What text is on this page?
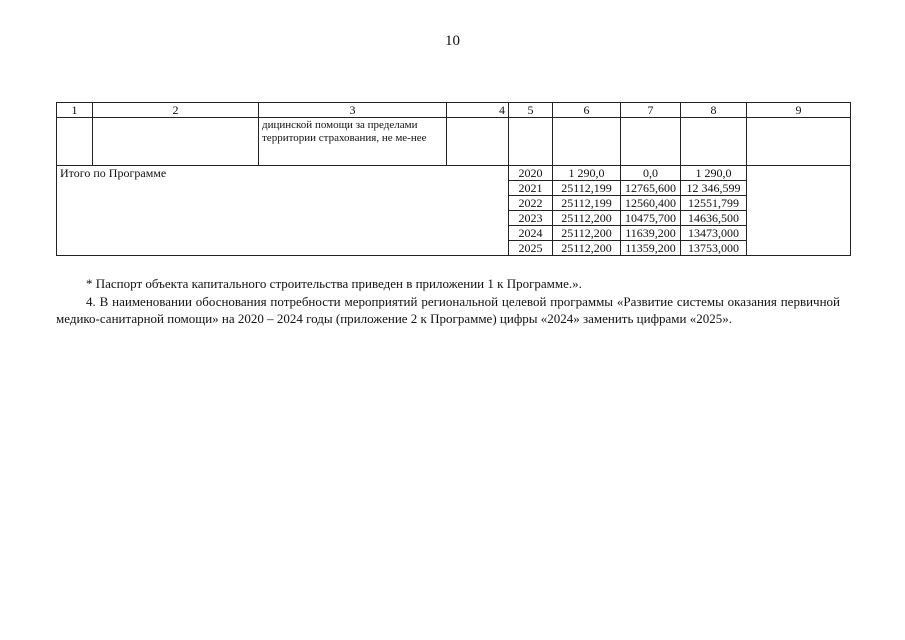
10
1	2	3	4	5	6	7	8	9
		дицинской помощи за пределами территории страхования, не ме-нее						
Итого по Программе				2020	1 290,0	0,0	1 290,0	
				2021	25112,199	12765,600	12 346,599	
				2022	25112,199	12560,400	12551,799	
				2023	25112,200	10475,700	14636,500	
				2024	25112,200	11639,200	13473,000	
				2025	25112,200	11359,200	13753,000	

* Паспорт объекта капитального строительства приведен в приложении 1 к Программе.».

4. В наименовании обоснования потребности мероприятий региональной целевой программы «Развитие системы оказания первичной медико-санитарной помощи» на 2020 – 2024 годы (приложение 2 к Программе) цифры «2024» заменить цифрами «2025».
